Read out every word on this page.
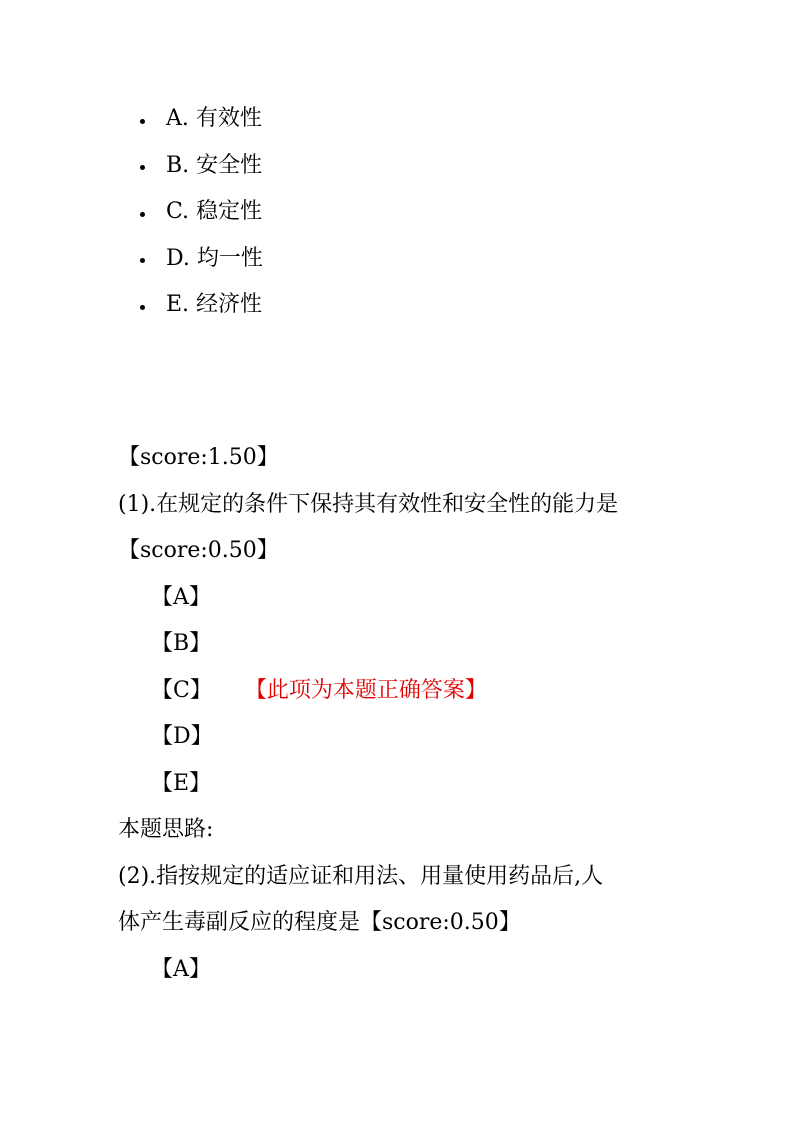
A. 有效性
B. 安全性
C. 稳定性
D. 均一性
E. 经济性
【score:1.50】
(1).在规定的条件下保持其有效性和安全性的能力是
【score:0.50】
【A】
【B】
【C】 【此项为本题正确答案】
【D】
【E】
本题思路:
(2).指按规定的适应证和用法、用量使用药品后,人
体产生毒副反应的程度是【score:0.50】
【A】
